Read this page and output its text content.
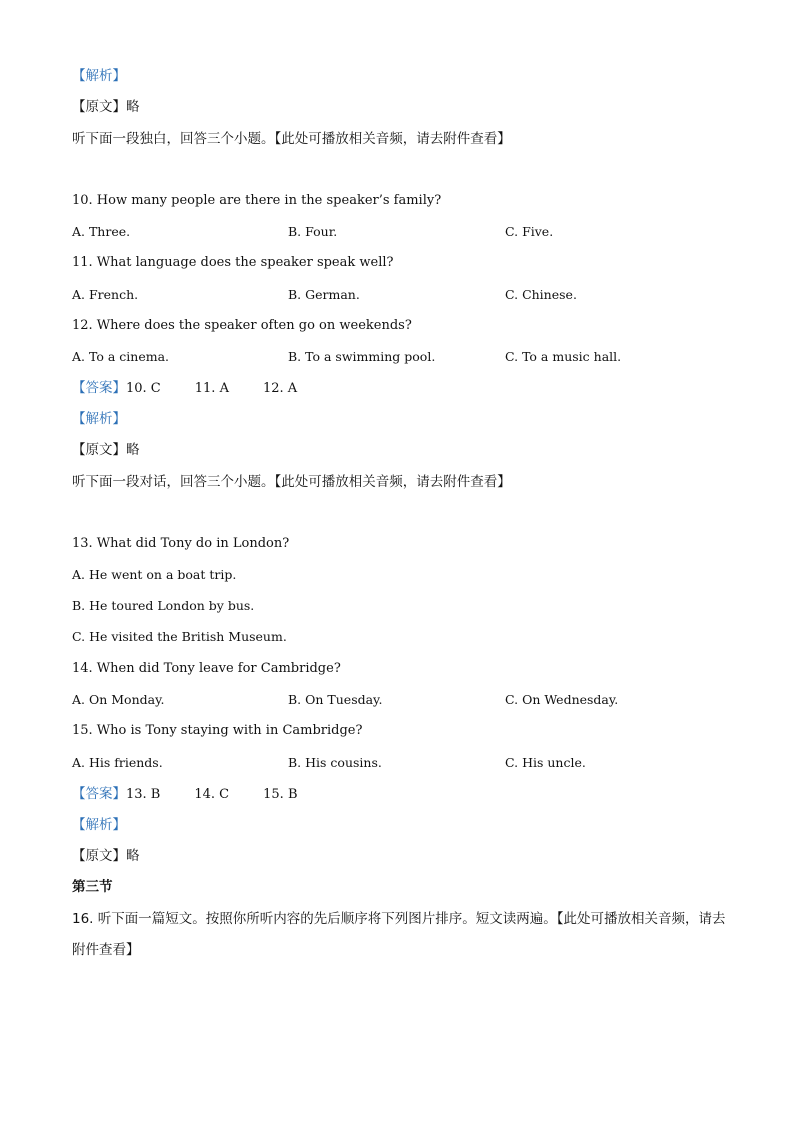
【解析】
【原文】略
听下面一段独白，回答三个小题。【此处可播放相关音频，请去附件查看】
10. How many people are there in the speaker’s family?
A. Three.	B. Four.	C. Five.
11. What language does the speaker speak well?
A. French.	B. German.	C. Chinese.
12. Where does the speaker often go on weekends?
A. To a cinema.	B. To a swimming pool.	C. To a music hall.
【答案】10. C	11. A	12. A
【解析】
【原文】略
听下面一段对话，回答三个小题。【此处可播放相关音频，请去附件查看】
13. What did Tony do in London?
A. He went on a boat trip.
B. He toured London by bus.
C. He visited the British Museum.
14. When did Tony leave for Cambridge?
A. On Monday.	B. On Tuesday.	C. On Wednesday.
15. Who is Tony staying with in Cambridge?
A. His friends.	B. His cousins.	C. His uncle.
【答案】13. B	14. C	15. B
【解析】
【原文】略
第三节
16. 听下面一篇短文。按照你所听内容的先后顺序将下列图片排序。短文读两遍。【此处可播放相关音频，请去附件查看】
